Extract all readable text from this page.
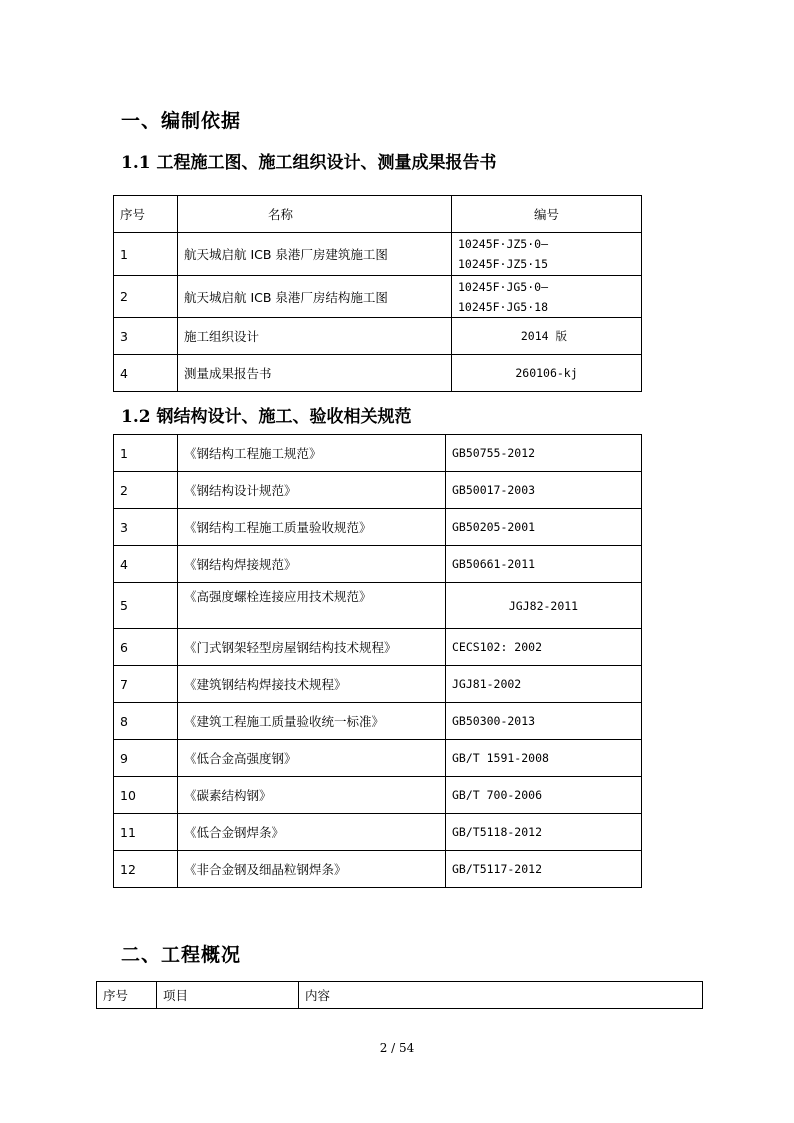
一、编制依据
1.1 工程施工图、施工组织设计、测量成果报告书
序号	名称	编号
1	航天城启航 ICB 泉港厂房建筑施工图	10245F·JZ5·0—
10245F·JZ5·15

2	航天城启航 ICB 泉港厂房结构施工图	10245F·JG5·0—
10245F·JG5·18

3	施工组织设计	2014 版
4	测量成果报告书	260106-kj
1.2 钢结构设计、施工、验收相关规范
1	《钢结构工程施工规范》	GB50755-2012
2	《钢结构设计规范》	GB50017-2003
3	《钢结构工程施工质量验收规范》	GB50205-2001
4	《钢结构焊接规范》	GB50661-2011
5	《高强度螺栓连接应用技术规范》	JGJ82-2011
6	《门式钢架轻型房屋钢结构技术规程》	CECS102: 2002
7	《建筑钢结构焊接技术规程》	JGJ81-2002
8	《建筑工程施工质量验收统一标准》	GB50300-2013
9	《低合金高强度钢》	GB/T 1591-2008
10	《碳素结构钢》	GB/T 700-2006
11	《低合金钢焊条》	GB/T5118-2012
12	《非合金钢及细晶粒钢焊条》	GB/T5117-2012
二、工程概况
序号	项目	内容
2 / 54
